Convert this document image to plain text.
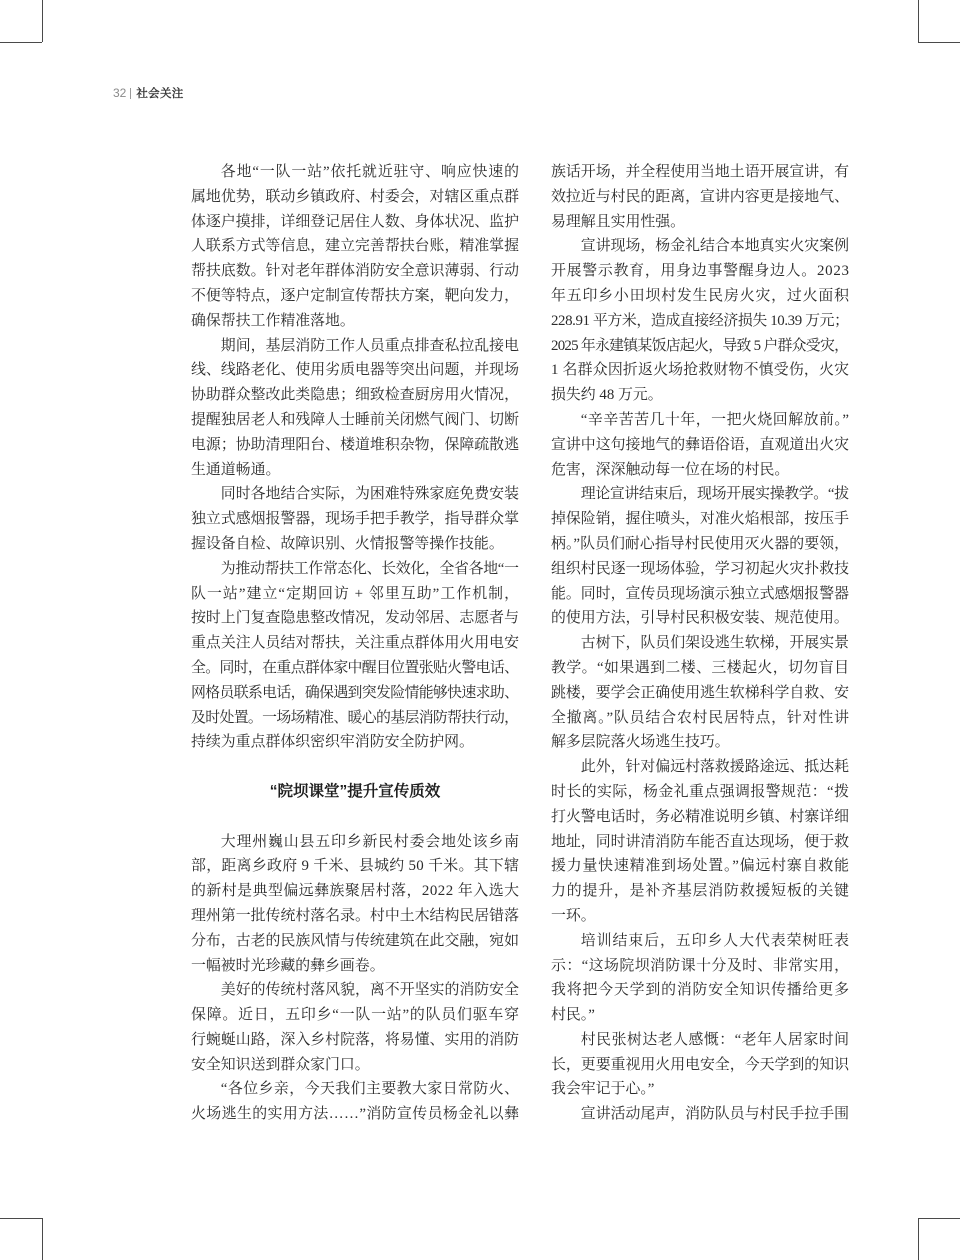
32 社会关注
各地“一队一站”依托就近驻守、响应快速的
属地优势，联动乡镇政府、村委会，对辖区重点群
体逐户摸排，详细登记居住人数、身体状况、监护
人联系方式等信息，建立完善帮扶台账，精准掌握
帮扶底数。针对老年群体消防安全意识薄弱、行动
不便等特点，逐户定制宣传帮扶方案，靶向发力，
确保帮扶工作精准落地。
期间，基层消防工作人员重点排查私拉乱接电
线、线路老化、使用劣质电器等突出问题，并现场
协助群众整改此类隐患；细致检查厨房用火情况，
提醒独居老人和残障人士睡前关闭燃气阀门、切断
电源；协助清理阳台、楼道堆积杂物，保障疏散逃
生通道畅通。
同时各地结合实际，为困难特殊家庭免费安装
独立式感烟报警器，现场手把手教学，指导群众掌
握设备自检、故障识别、火情报警等操作技能。
为推动帮扶工作常态化、长效化，全省各地“一
队一站”建立“定期回访 + 邻里互助”工作机制，
按时上门复查隐患整改情况，发动邻居、志愿者与
重点关注人员结对帮扶，关注重点群体用火用电安
全。同时，在重点群体家中醒目位置张贴火警电话、
网格员联系电话，确保遇到突发险情能够快速求助、
及时处置。一场场精准、暖心的基层消防帮扶行动，
持续为重点群体织密织牢消防安全防护网。
“院坝课堂”提升宣传质效
大理州巍山县五印乡新民村委会地处该乡南
部，距离乡政府 9 千米、县城约 50 千米。其下辖
的新村是典型偏远彝族聚居村落，2022 年入选大
理州第一批传统村落名录。村中土木结构民居错落
分布，古老的民族风情与传统建筑在此交融，宛如
一幅被时光珍藏的彝乡画卷。
美好的传统村落风貌，离不开坚实的消防安全
保障。近日，五印乡“一队一站”的队员们驱车穿
行蜿蜒山路，深入乡村院落，将易懂、实用的消防
安全知识送到群众家门口。
“各位乡亲，今天我们主要教大家日常防火、
火场逃生的实用方法……”消防宣传员杨金礼以彝
族话开场，并全程使用当地土语开展宣讲，有
效拉近与村民的距离，宣讲内容更是接地气、
易理解且实用性强。
宣讲现场，杨金礼结合本地真实火灾案例
开展警示教育，用身边事警醒身边人。2023
年五印乡小田坝村发生民房火灾，过火面积
228.91 平方米，造成直接经济损失 10.39 万元；
2025 年永建镇某饭店起火，导致 5 户群众受灾，
1 名群众因折返火场抢救财物不慎受伤，火灾
损失约 48 万元。
“辛辛苦苦几十年，一把火烧回解放前。”
宣讲中这句接地气的彝语俗语，直观道出火灾
危害，深深触动每一位在场的村民。
理论宣讲结束后，现场开展实操教学。“拔
掉保险销，握住喷头，对准火焰根部，按压手
柄。”队员们耐心指导村民使用灭火器的要领，
组织村民逐一现场体验，学习初起火灾扑救技
能。同时，宣传员现场演示独立式感烟报警器
的使用方法，引导村民积极安装、规范使用。
古树下，队员们架设逃生软梯，开展实景
教学。“如果遇到二楼、三楼起火，切勿盲目
跳楼，要学会正确使用逃生软梯科学自救、安
全撤离。”队员结合农村民居特点，针对性讲
解多层院落火场逃生技巧。
此外，针对偏远村落救援路途远、抵达耗
时长的实际，杨金礼重点强调报警规范：“拨
打火警电话时，务必精准说明乡镇、村寨详细
地址，同时讲清消防车能否直达现场，便于救
援力量快速精准到场处置。”偏远村寨自救能
力的提升，是补齐基层消防救援短板的关键
一环。
培训结束后，五印乡人大代表荣树旺表
示：“这场院坝消防课十分及时、非常实用，
我将把今天学到的消防安全知识传播给更多
村民。”
村民张树达老人感慨：“老年人居家时间
长，更要重视用火用电安全，今天学到的知识
我会牢记于心。”
宣讲活动尾声，消防队员与村民手拉手围
